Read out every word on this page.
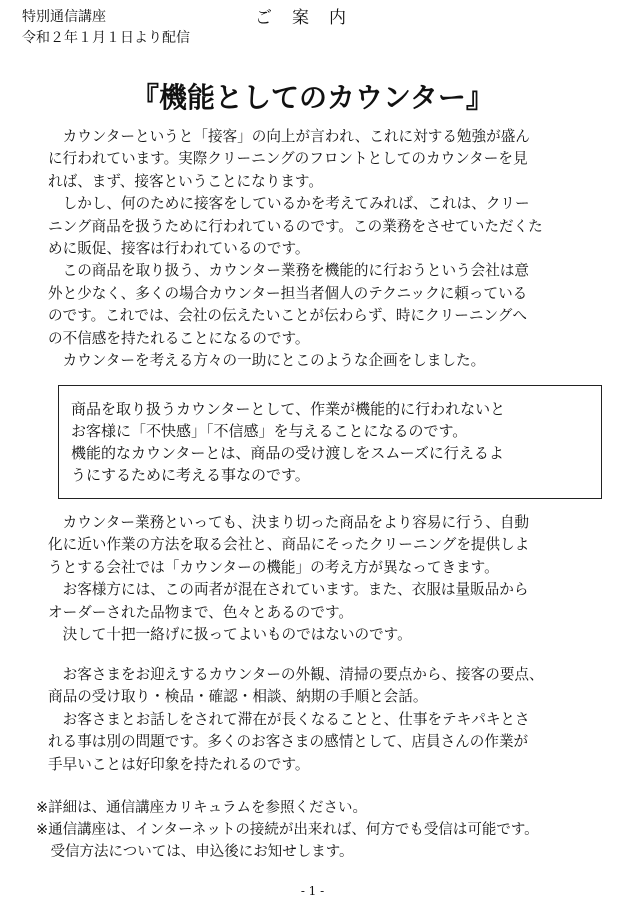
特別通信講座	ご案内
令和２年１月１日より配信
『機能としてのカウンター』
　カウンターというと「接客」の向上が言われ、これに対する勉強が盛ん
に行われています。実際クリーニングのフロントとしてのカウンターを見
れば、まず、接客ということになります。
　しかし、何のために接客をしているかを考えてみれば、これは、クリー
ニング商品を扱うために行われているのです。この業務をさせていただくた
めに販促、接客は行われているのです。
　この商品を取り扱う、カウンター業務を機能的に行おうという会社は意
外と少なく、多くの場合カウンター担当者個人のテクニックに頼っている
のです。これでは、会社の伝えたいことが伝わらず、時にクリーニングへ
の不信感を持たれることになるのです。
　カウンターを考える方々の一助にとこのような企画をしました。
商品を取り扱うカウンターとして、作業が機能的に行われないと
お客様に「不快感」「不信感」を与えることになるのです。
機能的なカウンターとは、商品の受け渡しをスムーズに行えるよ
うにするために考える事なのです。
　カウンター業務といっても、決まり切った商品をより容易に行う、自動
化に近い作業の方法を取る会社と、商品にそったクリーニングを提供しよ
うとする会社では「カウンターの機能」の考え方が異なってきます。
　お客様方には、この両者が混在されています。また、衣服は量販品から
オーダーされた品物まで、色々とあるのです。
　決して十把一絡げに扱ってよいものではないのです。
　お客さまをお迎えするカウンターの外観、清掃の要点から、接客の要点、
商品の受け取り・検品・確認・相談、納期の手順と会話。
　お客さまとお話しをされて滞在が長くなることと、仕事をテキパキとさ
れる事は別の問題です。多くのお客さまの感情として、店員さんの作業が
手早いことは好印象を持たれるのです。
※詳細は、通信講座カリキュラムを参照ください。
※通信講座は、インターネットの接続が出来れば、何方でも受信は可能です。
　受信方法については、申込後にお知せします。
- 1 -
